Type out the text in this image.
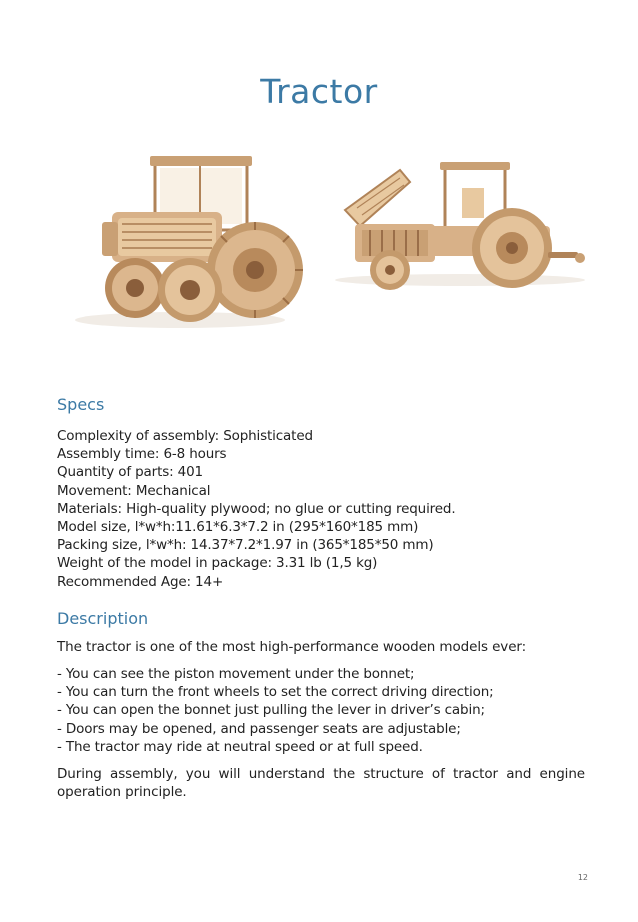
Tractor
Specs
Complexity of assembly: Sophisticated
Assembly time: 6-8 hours
Quantity of parts: 401
Movement: Mechanical
Materials: High-quality plywood; no glue or cutting required.
Model size, l*w*h:11.61*6.3*7.2 in (295*160*185 mm)
Packing size, l*w*h: 14.37*7.2*1.97 in (365*185*50 mm)
Weight of the model in package: 3.31 lb (1,5 kg)
Recommended Age: 14+
Description

The tractor is one of the most high-performance wooden models ever:

- You can see the piston movement under the bonnet;
- You can turn the front wheels to set the correct driving direction;
- You can open the bonnet just pulling the lever in driver’s cabin;
- Doors may be opened, and passenger seats are adjustable;
- The tractor may ride at neutral speed or at full speed.

During assembly, you will understand the structure of tractor and engine operation principle.

12
